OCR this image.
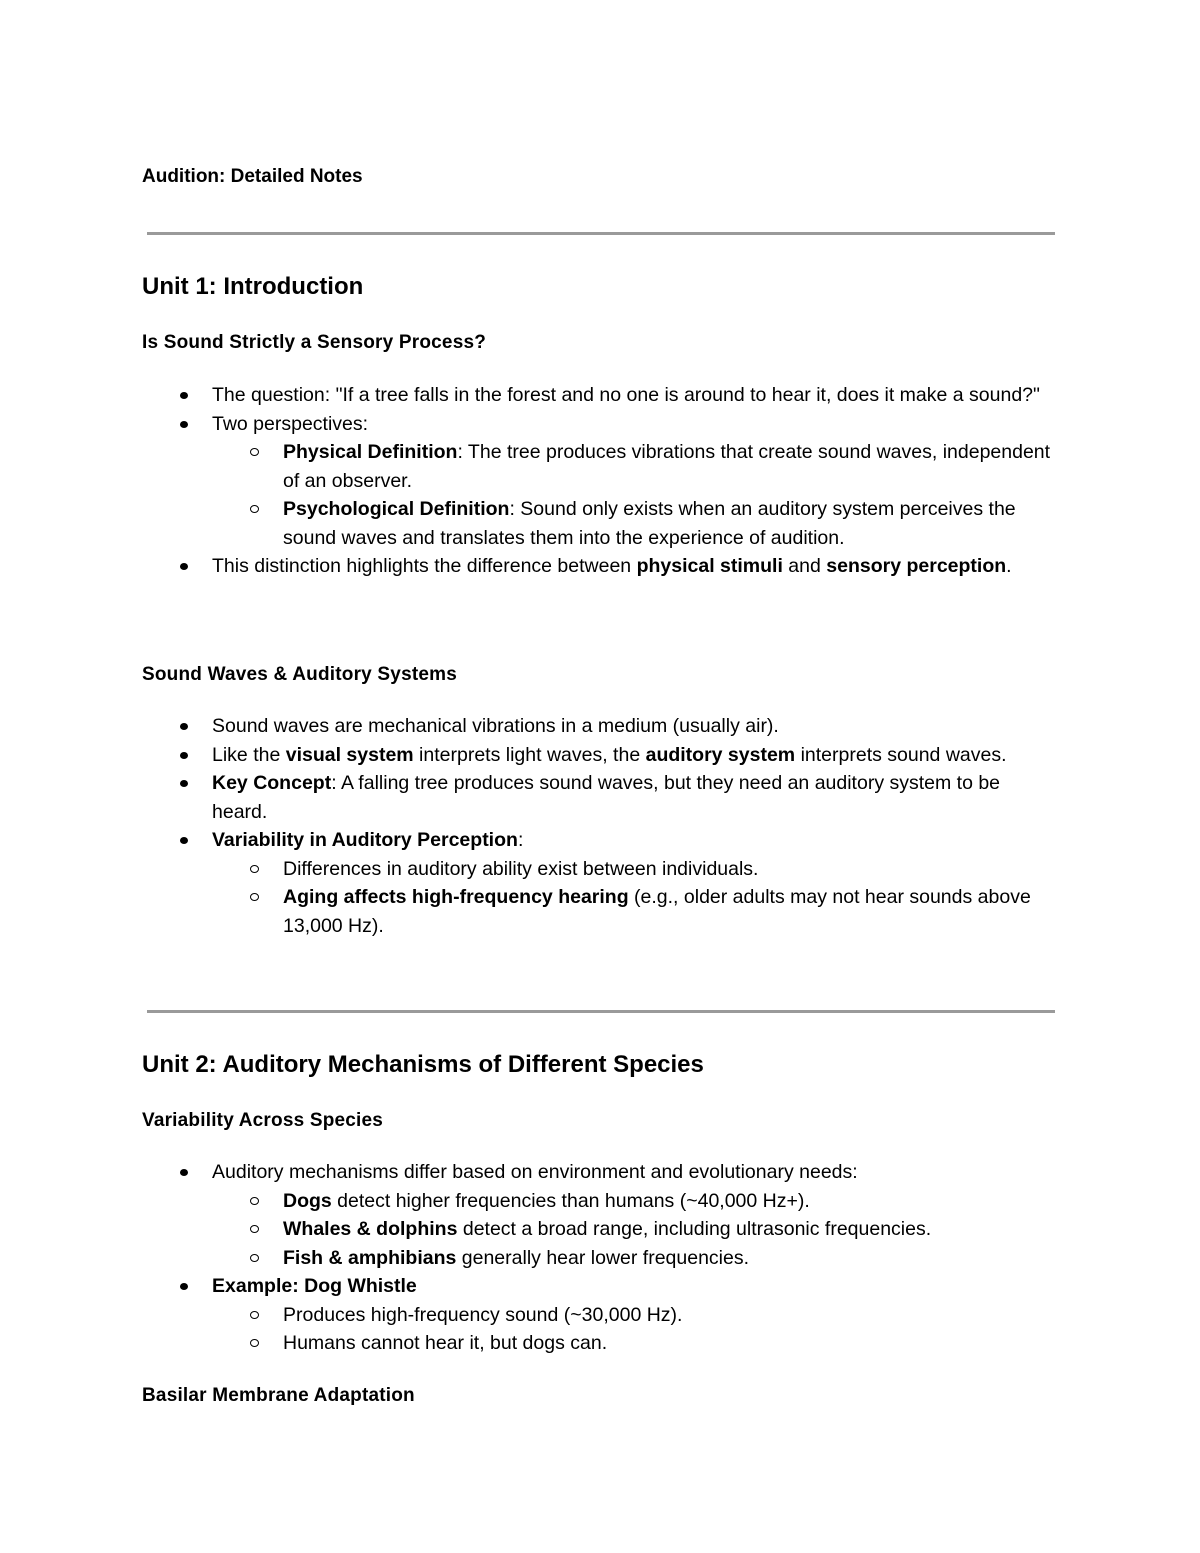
Audition: Detailed Notes
Unit 1: Introduction
Is Sound Strictly a Sensory Process?
The question: "If a tree falls in the forest and no one is around to hear it, does it make a sound?"
Two perspectives:
Physical Definition: The tree produces vibrations that create sound waves, independent of an observer.
Psychological Definition: Sound only exists when an auditory system perceives the sound waves and translates them into the experience of audition.
This distinction highlights the difference between physical stimuli and sensory perception.
Sound Waves & Auditory Systems
Sound waves are mechanical vibrations in a medium (usually air).
Like the visual system interprets light waves, the auditory system interprets sound waves.
Key Concept: A falling tree produces sound waves, but they need an auditory system to be heard.
Variability in Auditory Perception:
Differences in auditory ability exist between individuals.
Aging affects high-frequency hearing (e.g., older adults may not hear sounds above 13,000 Hz).
Unit 2: Auditory Mechanisms of Different Species
Variability Across Species
Auditory mechanisms differ based on environment and evolutionary needs:
Dogs detect higher frequencies than humans (~40,000 Hz+).
Whales & dolphins detect a broad range, including ultrasonic frequencies.
Fish & amphibians generally hear lower frequencies.
Example: Dog Whistle
Produces high-frequency sound (~30,000 Hz).
Humans cannot hear it, but dogs can.
Basilar Membrane Adaptation
